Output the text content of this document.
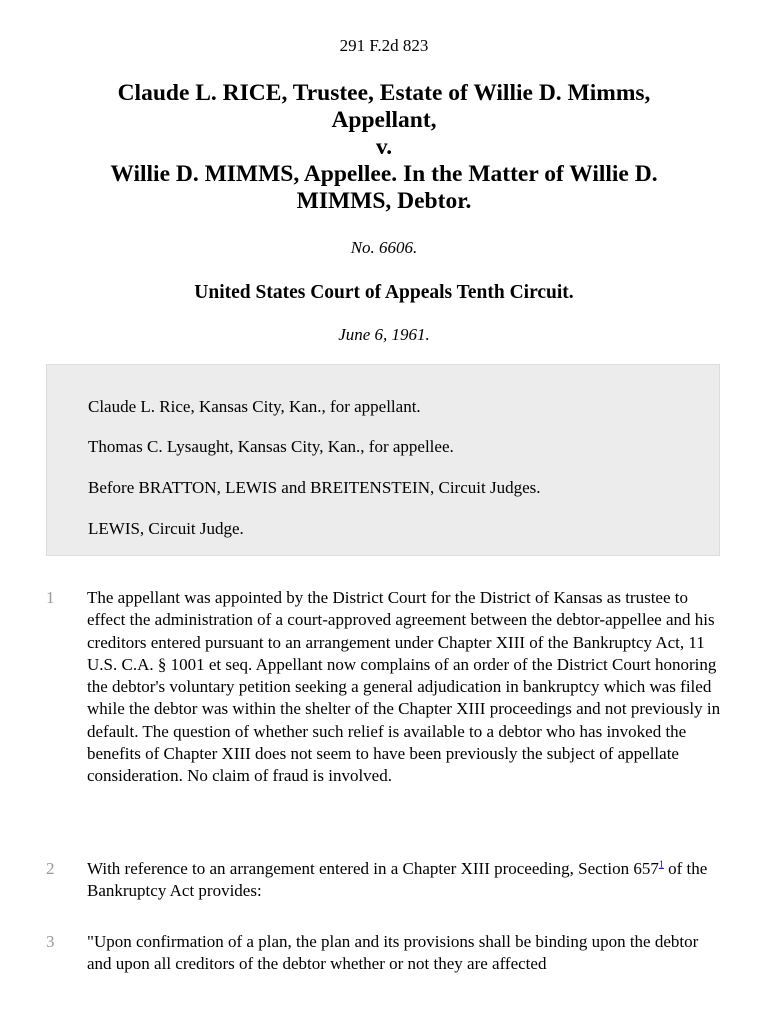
291 F.2d 823
Claude L. RICE, Trustee, Estate of Willie D. Mimms,
Appellant,
v.
Willie D. MIMMS, Appellee. In the Matter of Willie D.
MIMMS, Debtor.
No. 6606.
United States Court of Appeals Tenth Circuit.
June 6, 1961.

Claude L. Rice, Kansas City, Kan., for appellant.

Thomas C. Lysaught, Kansas City, Kan., for appellee.

Before BRATTON, LEWIS and BREITENSTEIN, Circuit Judges.

LEWIS, Circuit Judge.

1 The appellant was appointed by the District Court for the District of Kansas as trustee to effect the administration of a court-approved agreement between the debtor-appellee and his creditors entered pursuant to an arrangement under Chapter XIII of the Bankruptcy Act, 11 U.S. C.A. § 1001 et seq. Appellant now complains of an order of the District Court honoring the debtor's voluntary petition seeking a general adjudication in bankruptcy which was filed while the debtor was within the shelter of the Chapter XIII proceedings and not previously in default. The question of whether such relief is available to a debtor who has invoked the benefits of Chapter XIII does not seem to have been previously the subject of appellate consideration. No claim of fraud is involved.
2 With reference to an arrangement entered in a Chapter XIII proceeding, Section 657$^1$ of the Bankruptcy Act provides:
3 "Upon confirmation of a plan, the plan and its provisions shall be binding upon the debtor and upon all creditors of the debtor whether or not they are affected
